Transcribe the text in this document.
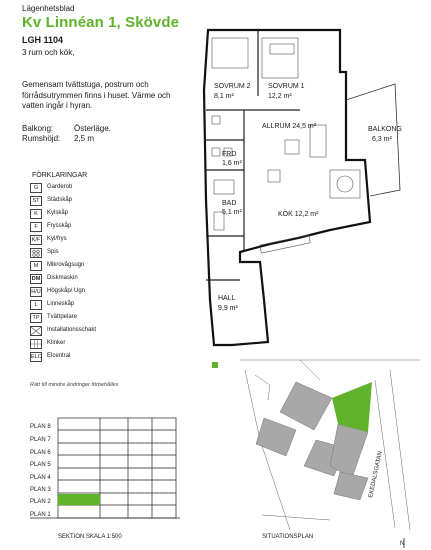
Lägenhetsblad
Kv Linnéan 1, Skövde
LGH 1104
3 rum och kök,
Gemensam tvättstuga, postrum och förrådsutrymmen finns i huset. Värme och vatten ingår i hyran.
Balkong:	Österläge.
Rumshöjd: 2,5 m
FÖRKLARINGAR
G	Garderob
ST	Städskåp
K	Kylskåp
F	Frysskåp
K/F Kyl/frys
Spis
M	Mikrovågsugn
DM Diskmaskin
H/U Högskåp/ Ugn
L	Linneskåp
TP	Tvättpelare
Installationsschakt
Klinker
ELC Elcentral
Rätt till mindre ändringer förbehålles
SOVRUM 2
8,1 m²
SOVRUM 1
12,2 m²
ALLRUM 24,5 m²	BALKONG
6,3 m²
FRD
1,6 m²
BAD
5,1 m²	KÖK 12,2 m²
HALL
9,9 m²
PLAN 8
PLAN 7
PLAN 6
PLAN 5
PLAN 4
PLAN 3
PLAN 2
PLAN 1
SEKTION SKALA 1:500
EKEDALSGATAN
SITUATIONSPLAN
N
